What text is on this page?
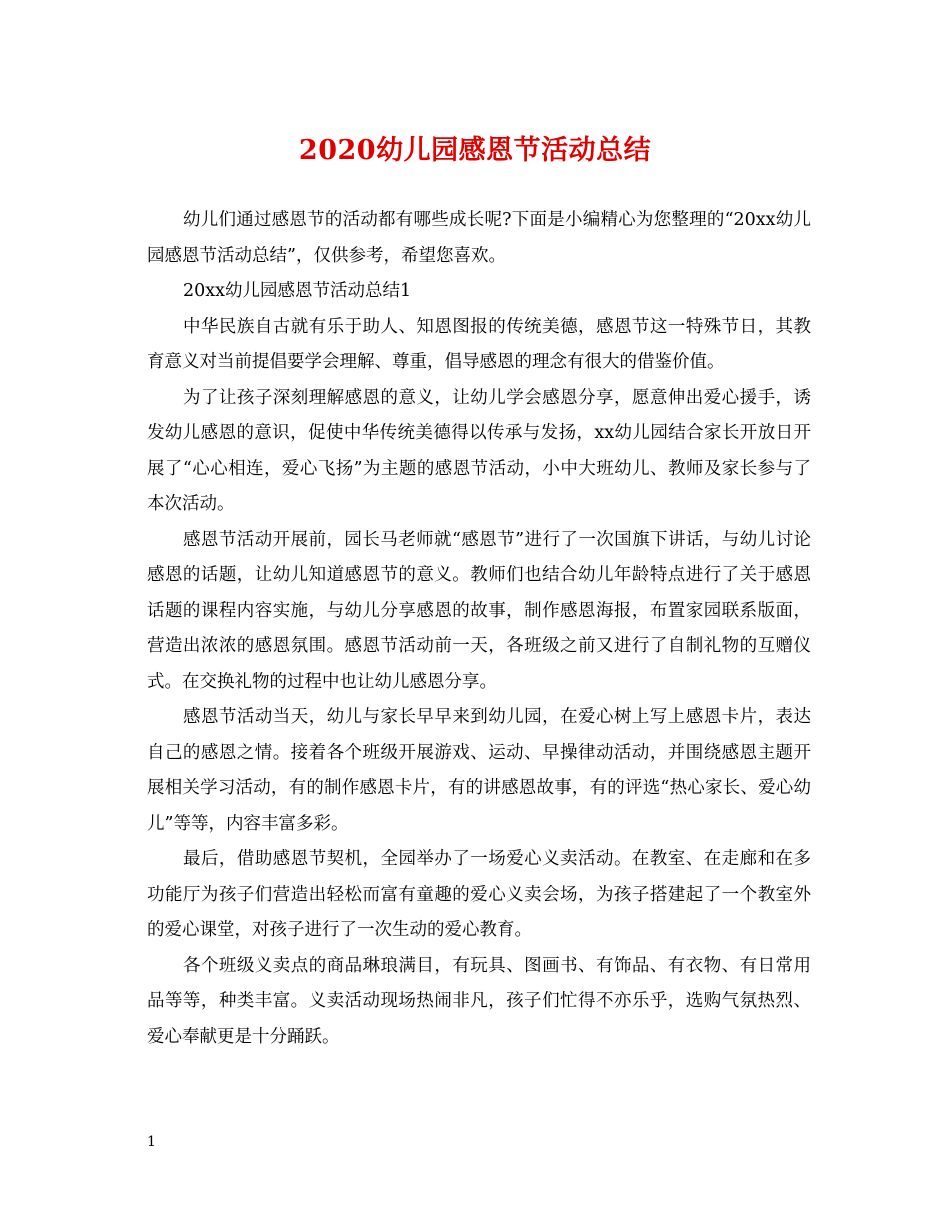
2020幼儿园感恩节活动总结

幼儿们通过感恩节的活动都有哪些成长呢?下面是小编精心为您整理的“20xx幼儿园感恩节活动总结”，仅供参考，希望您喜欢。

20xx幼儿园感恩节活动总结1

中华民族自古就有乐于助人、知恩图报的传统美德，感恩节这一特殊节日，其教育意义对当前提倡要学会理解、尊重，倡导感恩的理念有很大的借鉴价值。

为了让孩子深刻理解感恩的意义，让幼儿学会感恩分享，愿意伸出爱心援手，诱发幼儿感恩的意识，促使中华传统美德得以传承与发扬，xx幼儿园结合家长开放日开展了“心心相连，爱心飞扬”为主题的感恩节活动，小中大班幼儿、教师及家长参与了本次活动。

感恩节活动开展前，园长马老师就“感恩节”进行了一次国旗下讲话，与幼儿讨论感恩的话题，让幼儿知道感恩节的意义。教师们也结合幼儿年龄特点进行了关于感恩话题的课程内容实施，与幼儿分享感恩的故事，制作感恩海报，布置家园联系版面，营造出浓浓的感恩氛围。感恩节活动前一天，各班级之前又进行了自制礼物的互赠仪式。在交换礼物的过程中也让幼儿感恩分享。

感恩节活动当天，幼儿与家长早早来到幼儿园，在爱心树上写上感恩卡片，表达自己的感恩之情。接着各个班级开展游戏、运动、早操律动活动，并围绕感恩主题开展相关学习活动，有的制作感恩卡片，有的讲感恩故事，有的评选“热心家长、爱心幼儿”等等，内容丰富多彩。

最后，借助感恩节契机，全园举办了一场爱心义卖活动。在教室、在走廊和在多功能厅为孩子们营造出轻松而富有童趣的爱心义卖会场，为孩子搭建起了一个教室外的爱心课堂，对孩子进行了一次生动的爱心教育。

各个班级义卖点的商品琳琅满目，有玩具、图画书、有饰品、有衣物、有日常用品等等，种类丰富。义卖活动现场热闹非凡，孩子们忙得不亦乐乎，选购气氛热烈、爱心奉献更是十分踊跃。

1
